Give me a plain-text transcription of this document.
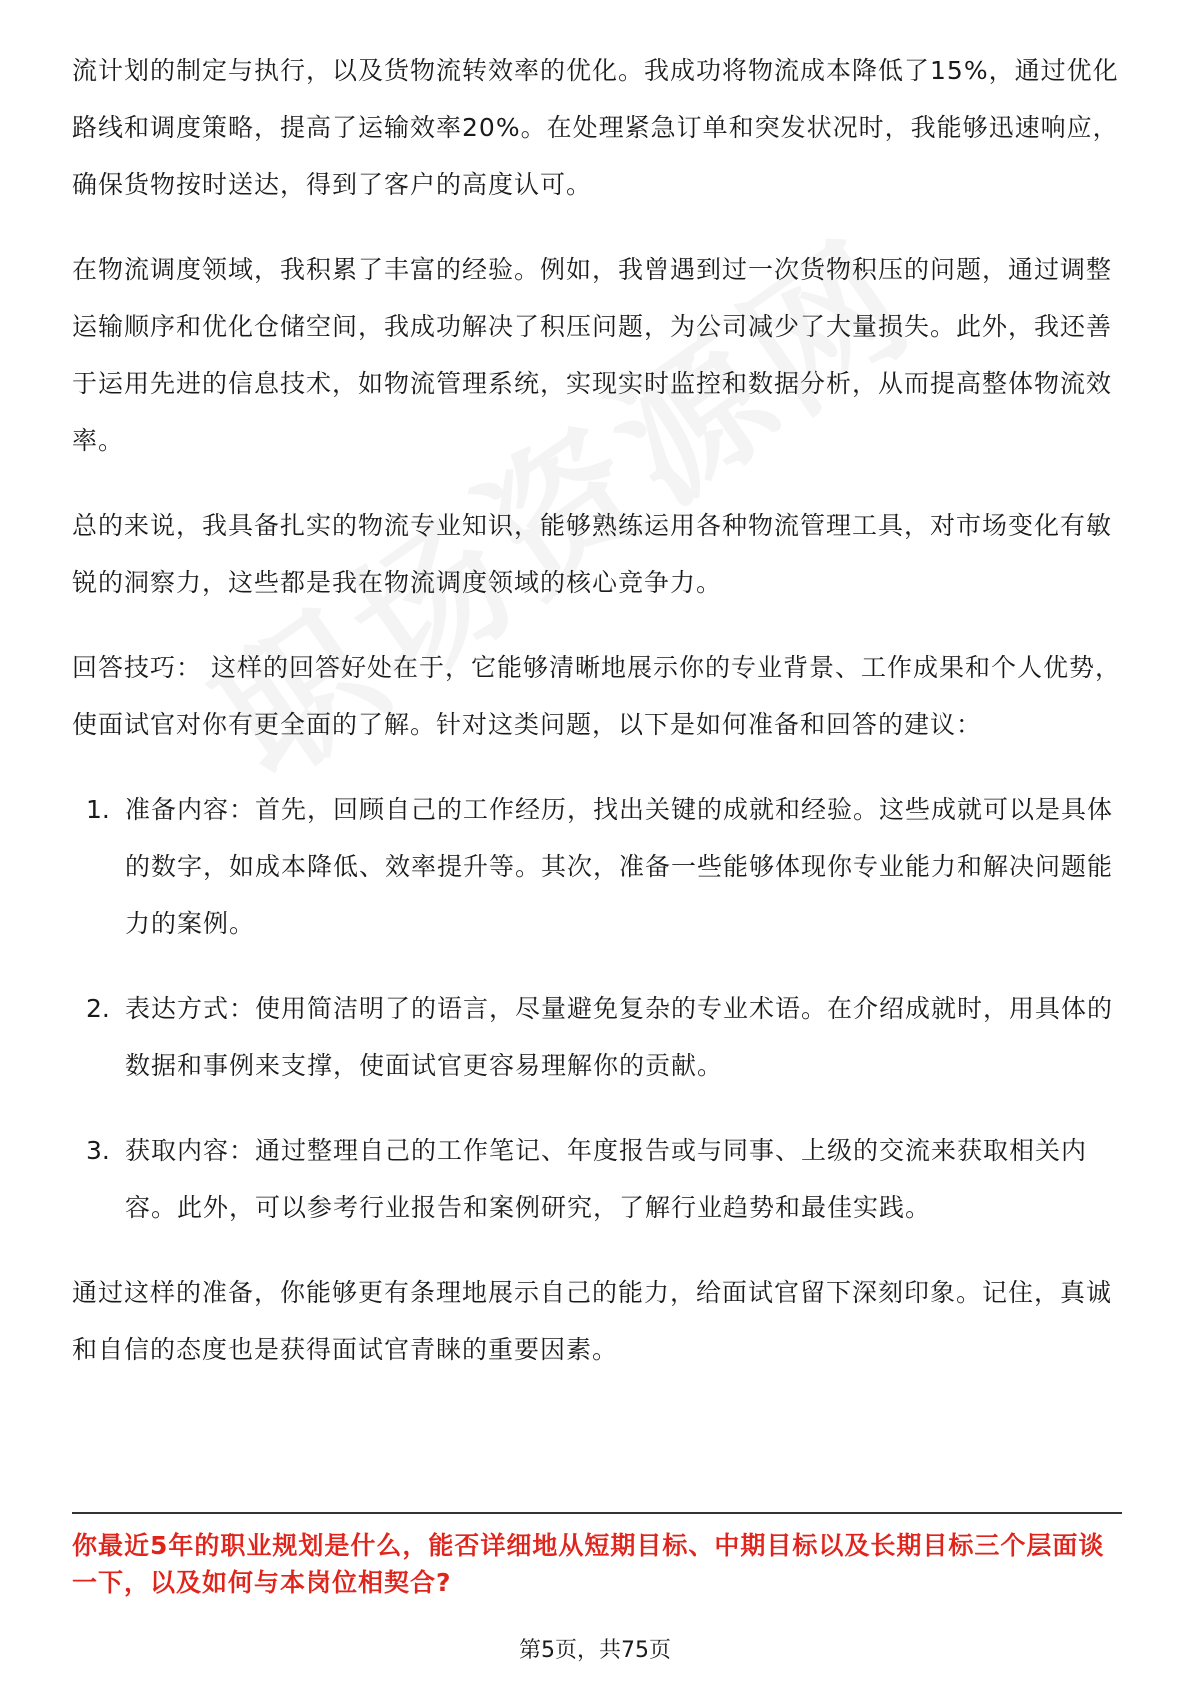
流计划的制定与执行，以及货物流转效率的优化。我成功将物流成本降低了15%，通过优化路线和调度策略，提高了运输效率20%。在处理紧急订单和突发状况时，我能够迅速响应，确保货物按时送达，得到了客户的高度认可。

在物流调度领域，我积累了丰富的经验。例如，我曾遇到过一次货物积压的问题，通过调整运输顺序和优化仓储空间，我成功解决了积压问题，为公司减少了大量损失。此外，我还善于运用先进的信息技术，如物流管理系统，实现实时监控和数据分析，从而提高整体物流效率。

总的来说，我具备扎实的物流专业知识，能够熟练运用各种物流管理工具，对市场变化有敏锐的洞察力，这些都是我在物流调度领域的核心竞争力。

回答技巧： 这样的回答好处在于，它能够清晰地展示你的专业背景、工作成果和个人优势，使面试官对你有更全面的了解。针对这类问题，以下是如何准备和回答的建议：

1. 准备内容：首先，回顾自己的工作经历，找出关键的成就和经验。这些成就可以是具体的数字，如成本降低、效率提升等。其次，准备一些能够体现你专业能力和解决问题能力的案例。

2. 表达方式：使用简洁明了的语言，尽量避免复杂的专业术语。在介绍成就时，用具体的数据和事例来支撑，使面试官更容易理解你的贡献。

3. 获取内容：通过整理自己的工作笔记、年度报告或与同事、上级的交流来获取相关内容。此外，可以参考行业报告和案例研究，了解行业趋势和最佳实践。

通过这样的准备，你能够更有条理地展示自己的能力，给面试官留下深刻印象。记住，真诚和自信的态度也是获得面试官青睐的重要因素。

你最近5年的职业规划是什么，能否详细地从短期目标、中期目标以及长期目标三个层面谈一下，以及如何与本岗位相契合?
第5页，共75页
